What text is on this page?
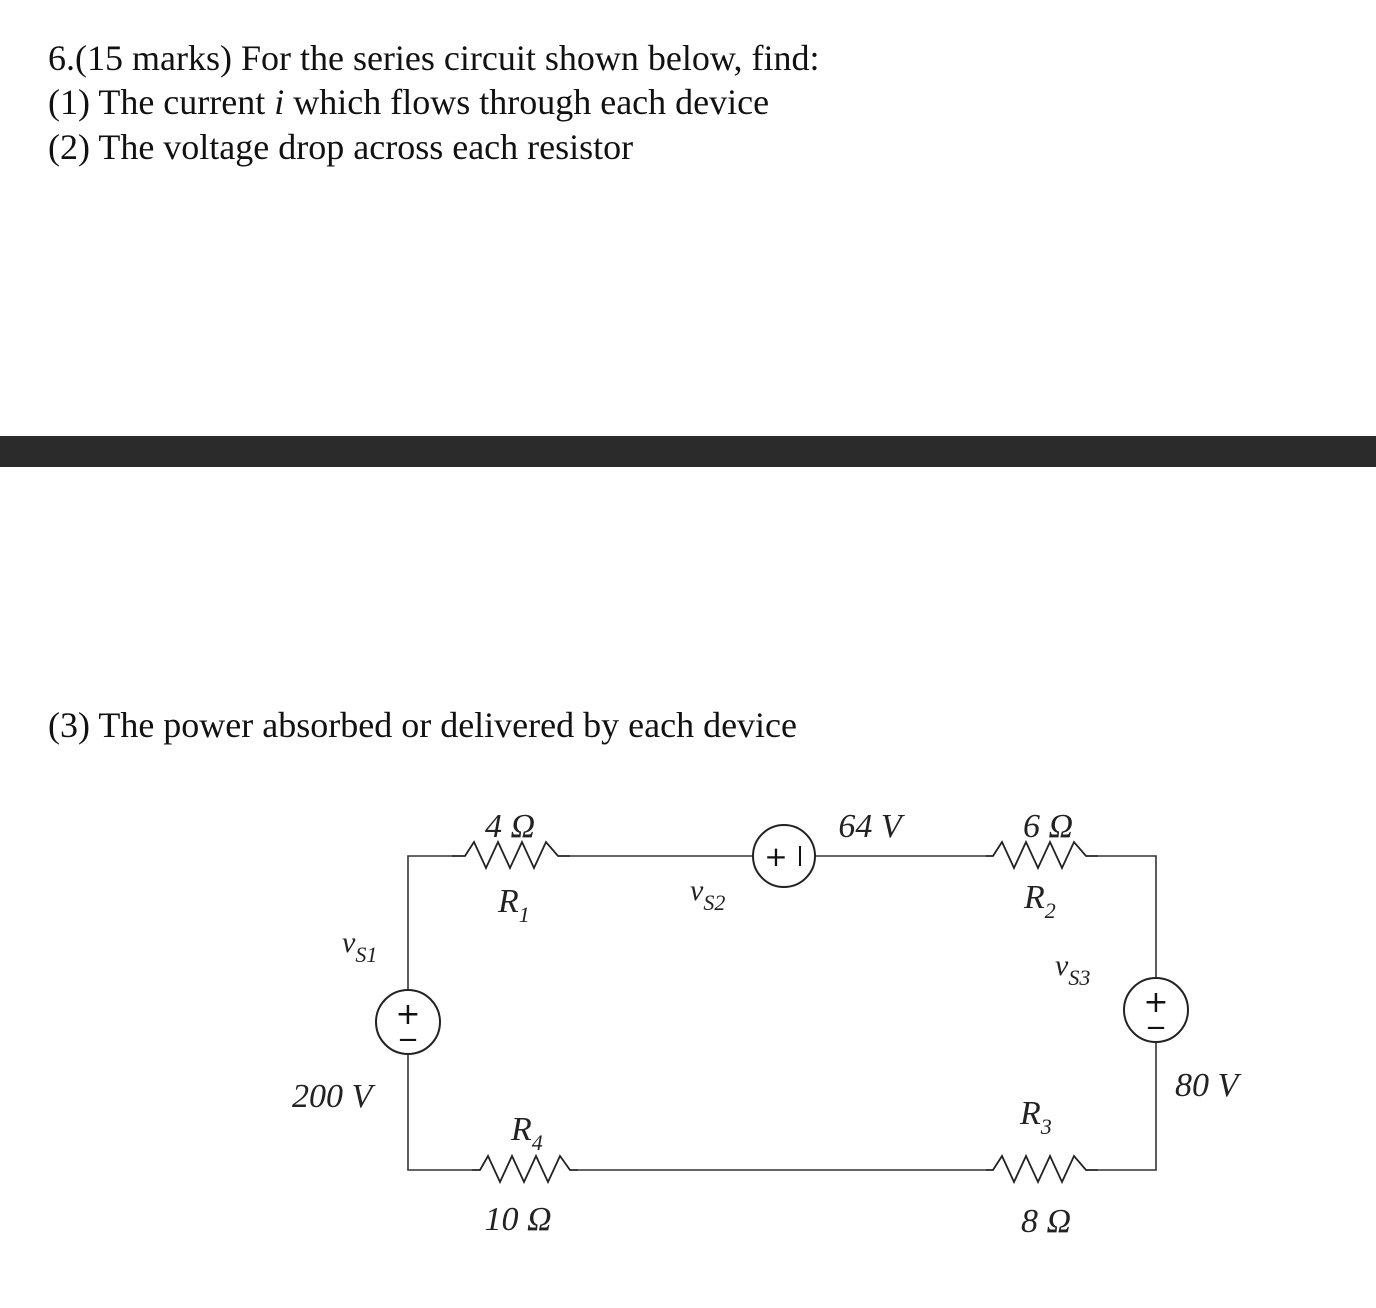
6.(15 marks) For the series circuit shown below, find:
(1) The current i which flows through each device
(2) The voltage drop across each resistor
(3) The power absorbed or delivered by each device
+
−
+
+
−
4 Ω
$R_1$
$v_{S2}$
64 V	6 Ω
$R_2$
$v_{S3}$
80 V
$v_{S1}$
200 V	$R_3$
8 Ω
$R_4$
10 Ω
